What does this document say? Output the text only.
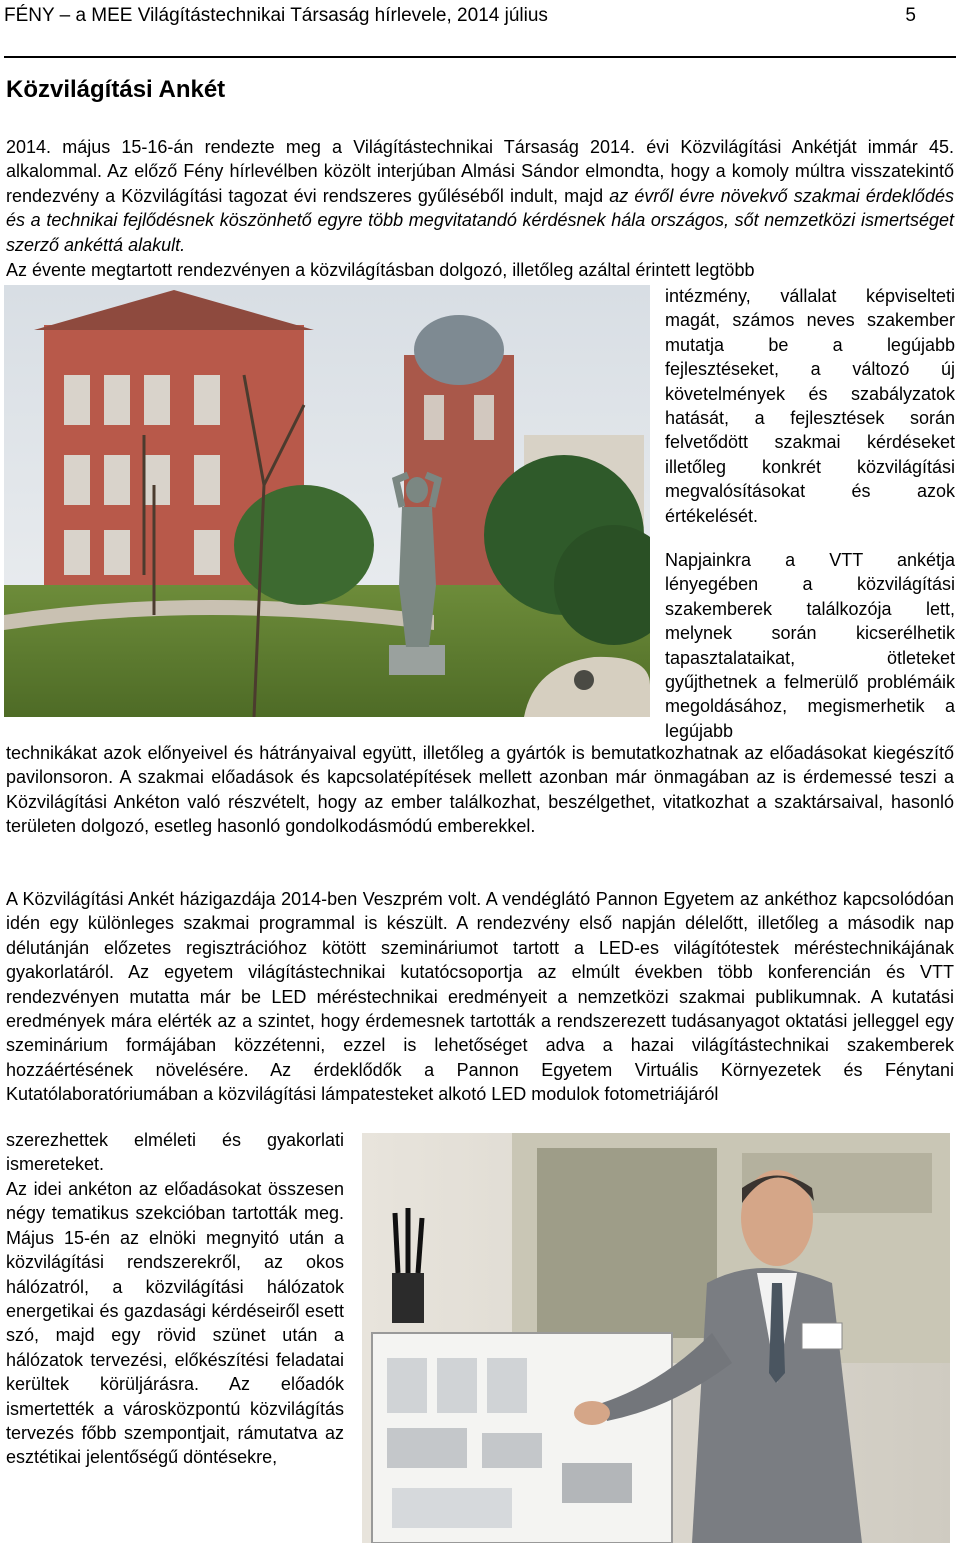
FÉNY – a MEE Világítástechnikai Társaság hírlevele, 2014 július	5
Közvilágítási Ankét

2014. május 15-16-án rendezte meg a Világítástechnikai Társaság 2014. évi Közvilágítási Ankétját immár 45. alkalommal. Az előző Fény hírlevélben közölt interjúban Almási Sándor elmondta, hogy a komoly múltra visszatekintő rendezvény a Közvilágítási tagozat évi rendszeres gyűléséből indult, majd az évről évre növekvő szakmai érdeklődés és a technikai fejlődésnek köszönhető egyre több megvitatandó kérdésnek hála országos, sőt nemzetközi ismertséget szerző ankéttá alakult.

Az évente megtartott rendezvényen a közvilágításban dolgozó, illetőleg azáltal érintett legtöbb

intézmény, vállalat képviselteti magát, számos neves szakember mutatja be a legújabb fejlesztéseket, a változó új követelmények és szabályzatok hatását, a fejlesztések során felvetődött szakmai kérdéseket illetőleg konkrét közvilágítási megvalósításokat és azok értékelését.

Napjainkra a VTT ankétja lényegében a közvilágítási szakemberek találkozója lett, melynek során kicserélhetik tapasztalataikat, ötleteket gyűjthetnek a felmerülő problémáik megoldásához, megismerhetik a legújabb

technikákat azok előnyeivel és hátrányaival együtt, illetőleg a gyártók is bemutatkozhatnak az előadásokat kiegészítő pavilonsoron. A szakmai előadások és kapcsolatépítések mellett azonban már önmagában az is érdemessé teszi a Közvilágítási Ankéton való részvételt, hogy az ember találkozhat, beszélgethet, vitatkozhat a szaktársaival, hasonló területen dolgozó, esetleg hasonló gondolkodásmódú emberekkel.

A Közvilágítási Ankét házigazdája 2014-ben Veszprém volt. A vendéglátó Pannon Egyetem az ankéthoz kapcsolódóan idén egy különleges szakmai programmal is készült. A rendezvény első napján délelőtt, illetőleg a második nap délutánján előzetes regisztrációhoz kötött szemináriumot tartott a LED-es világítótestek méréstechnikájának gyakorlatáról. Az egyetem világítástechnikai kutatócsoportja az elmúlt években több konferencián és VTT rendezvényen mutatta már be LED méréstechnikai eredményeit a nemzetközi szakmai publikumnak. A kutatási eredmények mára elérték az a szintet, hogy érdemesnek tartották a rendszerezett tudásanyagot oktatási jelleggel egy szeminárium formájában közzétenni, ezzel is lehetőséget adva a hazai világítástechnikai szakemberek hozzáértésének növelésére. Az érdeklődők a Pannon Egyetem Virtuális Környezetek és Fénytani Kutatólaboratóriumában a közvilágítási lámpatesteket alkotó LED modulok fotometriájáról

szerezhettek elméleti és gyakorlati ismereteket.

Az idei ankéton az előadásokat összesen négy tematikus szekcióban tartották meg. Május 15-én az elnöki megnyitó után a közvilágítási rendszerekről, az okos hálózatról, a közvilágítási hálózatok energetikai és gazdasági kérdéseiről esett szó, majd egy rövid szünet után a hálózatok tervezési, előkészítési feladatai kerültek körüljárásra. Az előadók ismertették a városközpontú közvilágítás tervezés főbb szempontjait, rámutatva az esztétikai jelentőségű döntésekre,
